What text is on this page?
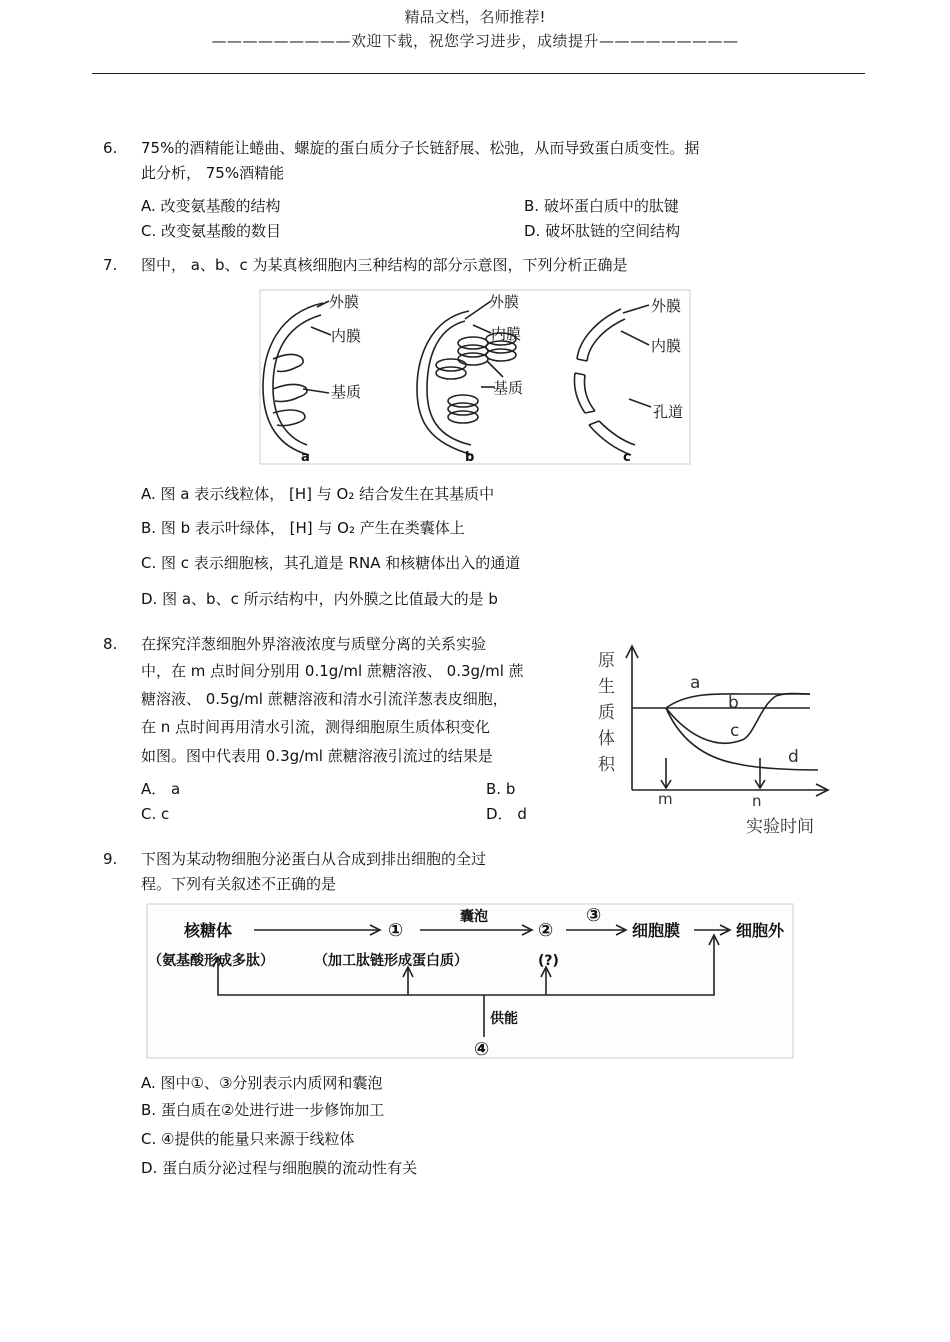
精品文档，名师推荐!
—————————欢迎下载，祝您学习进步，成绩提升—————————
6. 75%的酒精能让蜷曲、螺旋的蛋白质分子长链舒展、松弛，从而导致蛋白质变性。据
此分析， 75%酒精能
A. 改变氨基酸的结构	B. 破坏蛋白质中的肽键
C. 改变氨基酸的数目	D. 破坏肽链的空间结构
7. 图中， a、b、c 为某真核细胞内三种结构的部分示意图，下列分析正确是
外膜
内膜
基质
外膜
内膜
基质
外膜
内膜
孔道
a	b	c
A. 图 a 表示线粒体， [H] 与 O₂ 结合发生在其基质中
B. 图 b 表示叶绿体， [H] 与 O₂ 产生在类囊体上
C. 图 c 表示细胞核，其孔道是 RNA 和核糖体出入的通道
D. 图 a、b、c 所示结构中，内外膜之比值最大的是 b
8. 在探究洋葱细胞外界溶液浓度与质壁分离的关系实验
中，在 m 点时间分别用 0.1g/ml 蔗糖溶液、 0.3g/ml 蔗
糖溶液、 0.5g/ml 蔗糖溶液和清水引流洋葱表皮细胞，
在 n 点时间再用清水引流，测得细胞原生质体积变化
如图。图中代表用 0.3g/ml 蔗糖溶液引流过的结果是
A． a	B. b
C. c	D． d
原
生
质
体
积
a
b
c
d
m	n
实验时间
9. 下图为某动物细胞分泌蛋白从合成到排出细胞的全过
程。下列有关叙述不正确的是
核糖体
（氨基酸形成多肽）
①
（加工肽链形成蛋白质）
囊泡
②
(?)
③
细胞膜	细胞外
供能
④
A. 图中①、③分别表示内质网和囊泡
B. 蛋白质在②处进行进一步修饰加工
C. ④提供的能量只来源于线粒体
D. 蛋白质分泌过程与细胞膜的流动性有关
